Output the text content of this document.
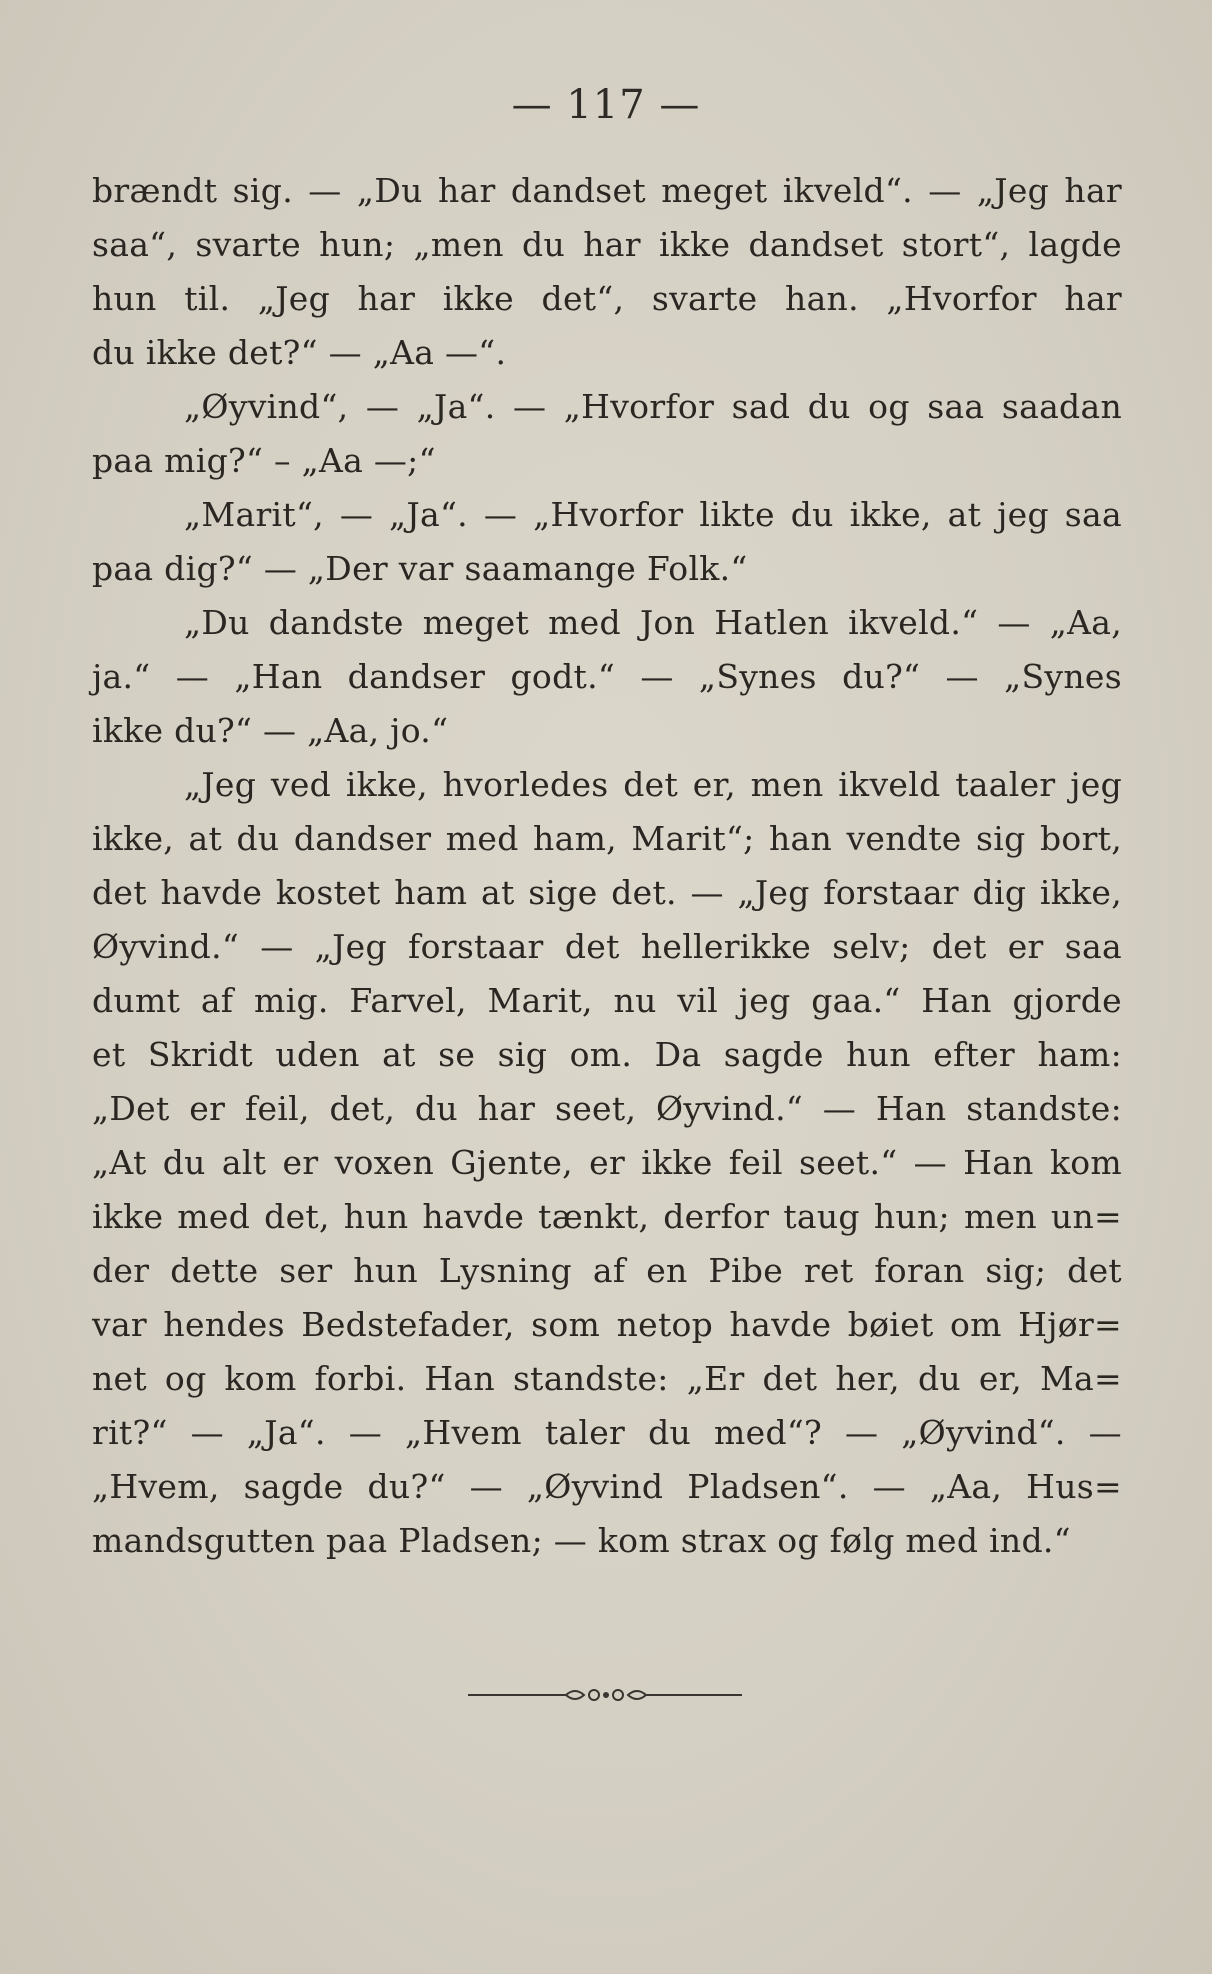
— 117 —
brændt sig. — „Du har dandset meget ikveld“. — „Jeg har
saa“, svarte hun; „men du har ikke dandset stort“, lagde
hun til. „Jeg har ikke det“, svarte han. „Hvorfor har
du ikke det?“ — „Aa —“.
„Øyvind“, — „Ja“. — „Hvorfor sad du og saa saadan
paa mig?“ – „Aa —;“
„Marit“, — „Ja“. — „Hvorfor likte du ikke, at jeg saa
paa dig?“ — „Der var saamange Folk.“
„Du dandste meget med Jon Hatlen ikveld.“ — „Aa,
ja.“ — „Han dandser godt.“ — „Synes du?“ — „Synes
ikke du?“ — „Aa, jo.“
„Jeg ved ikke, hvorledes det er, men ikveld taaler jeg
ikke, at du dandser med ham, Marit“; han vendte sig bort,
det havde kostet ham at sige det. — „Jeg forstaar dig ikke,
Øyvind.“ — „Jeg forstaar det hellerikke selv; det er saa
dumt af mig. Farvel, Marit, nu vil jeg gaa.“ Han gjorde
et Skridt uden at se sig om. Da sagde hun efter ham:
„Det er feil, det, du har seet, Øyvind.“ — Han standste:
„At du alt er voxen Gjente, er ikke feil seet.“ — Han kom
ikke med det, hun havde tænkt, derfor taug hun; men un=
der dette ser hun Lysning af en Pibe ret foran sig; det
var hendes Bedstefader, som netop havde bøiet om Hjør=
net og kom forbi. Han standste: „Er det her, du er, Ma=
rit?“ — „Ja“. — „Hvem taler du med“? — „Øyvind“. —
„Hvem, sagde du?“ — „Øyvind Pladsen“. — „Aa, Hus=
mandsgutten paa Pladsen; — kom strax og følg med ind.“
